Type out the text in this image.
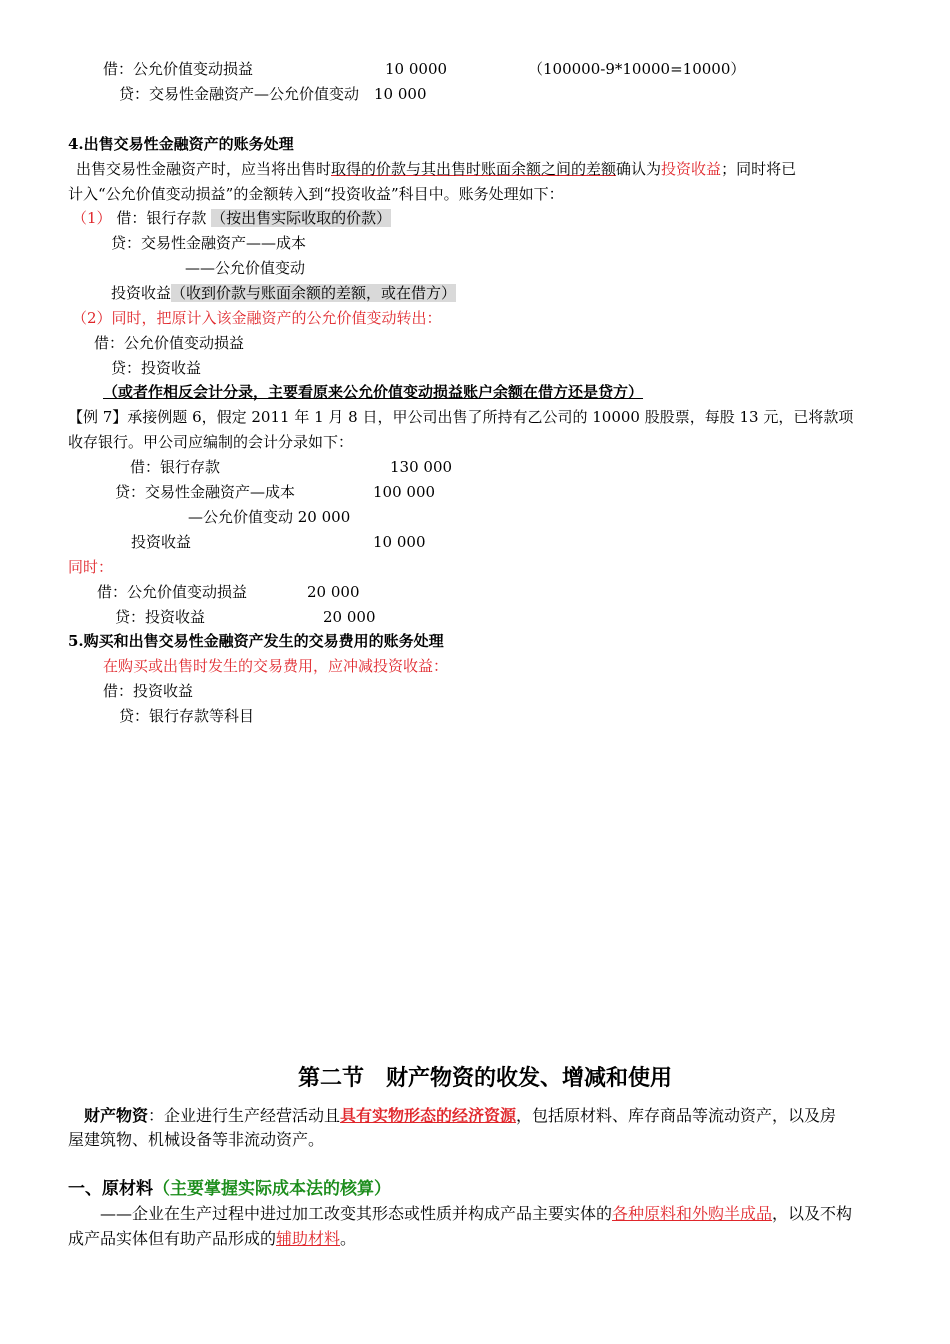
借：公允价值变动损益	10 0000	（100000-9*10000=10000）
贷：交易性金融资产—公允价值变动　10 000
4.出售交易性金融资产的账务处理
出售交易性金融资产时，应当将出售时取得的价款与其出售时账面余额之间的差额确认为投资收益；同时将已
计入“公允价值变动损益”的金额转入到“投资收益”科目中。账务处理如下：
（1） 借：银行存款 （按出售实际收取的价款）
贷：交易性金融资产——成本
——公允价值变动
投资收益（收到价款与账面余额的差额，或在借方）
（2）同时，把原计入该金融资产的公允价值变动转出：
借：公允价值变动损益
贷：投资收益
（或者作相反会计分录，主要看原来公允价值变动损益账户余额在借方还是贷方）
【例 7】承接例题 6，假定 2011 年 1 月 8 日，甲公司出售了所持有乙公司的 10000 股股票，每股 13 元，已将款项
收存银行。甲公司应编制的会计分录如下：
借：银行存款	130 000
贷：交易性金融资产—成本	100 000
—公允价值变动 20 000
投资收益	10 000
同时：
借：公允价值变动损益	20 000
贷：投资收益	20 000
5.购买和出售交易性金融资产发生的交易费用的账务处理
在购买或出售时发生的交易费用，应冲减投资收益：
借：投资收益
贷：银行存款等科目
第二节　财产物资的收发、增减和使用
财产物资：企业进行生产经营活动且具有实物形态的经济资源，包括原材料、库存商品等流动资产，以及房
屋建筑物、机械设备等非流动资产。
一、原材料（主要掌握实际成本法的核算）
——企业在生产过程中进过加工改变其形态或性质并构成产品主要实体的各种原料和外购半成品，以及不构
成产品实体但有助产品形成的辅助材料。
